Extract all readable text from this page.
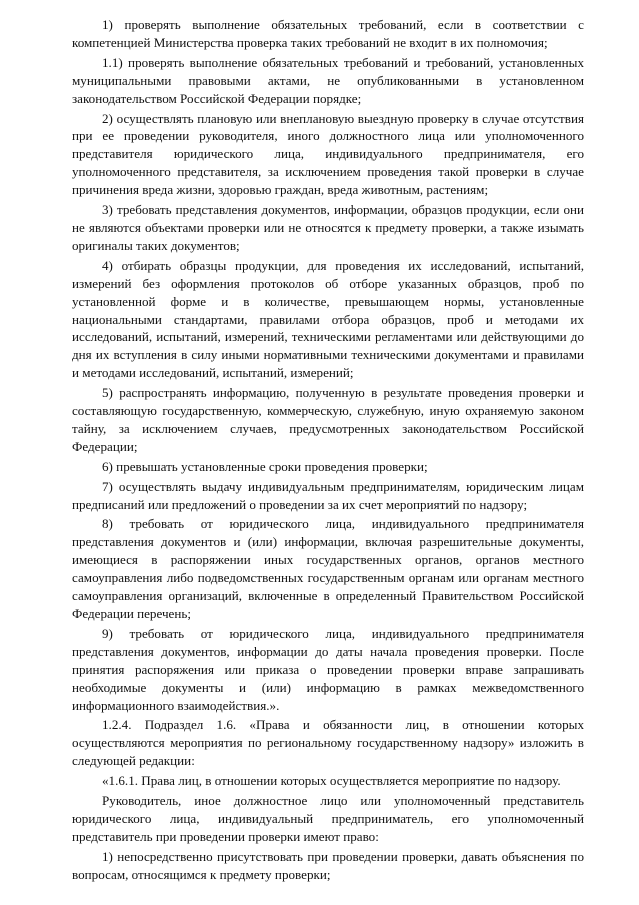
1) проверять выполнение обязательных требований, если в соответствии с компетенцией Министерства проверка таких требований не входит в их полномочия;

1.1) проверять выполнение обязательных требований и требований, установленных муниципальными правовыми актами, не опубликованными в установленном законодательством Российской Федерации порядке;

2) осуществлять плановую или внеплановую выездную проверку в случае отсутствия при ее проведении руководителя, иного должностного лица или уполномоченного представителя юридического лица, индивидуального предпринимателя, его уполномоченного представителя, за исключением проведения такой проверки в случае причинения вреда жизни, здоровью граждан, вреда животным, растениям;

3) требовать представления документов, информации, образцов продукции, если они не являются объектами проверки или не относятся к предмету проверки, а также изымать оригиналы таких документов;

4) отбирать образцы продукции, для проведения их исследований, испытаний, измерений без оформления протоколов об отборе указанных образцов, проб по установленной форме и в количестве, превышающем нормы, установленные национальными стандартами, правилами отбора образцов, проб и методами их исследований, испытаний, измерений, техническими регламентами или действующими до дня их вступления в силу иными нормативными техническими документами и правилами и методами исследований, испытаний, измерений;

5) распространять информацию, полученную в результате проведения проверки и составляющую государственную, коммерческую, служебную, иную охраняемую законом тайну, за исключением случаев, предусмотренных законодательством Российской Федерации;

6) превышать установленные сроки проведения проверки;

7) осуществлять выдачу индивидуальным предпринимателям, юридическим лицам предписаний или предложений о проведении за их счет мероприятий по надзору;

8) требовать от юридического лица, индивидуального предпринимателя представления документов и (или) информации, включая разрешительные документы, имеющиеся в распоряжении иных государственных органов, органов местного самоуправления либо подведомственных государственным органам или органам местного самоуправления организаций, включенные в определенный Правительством Российской Федерации перечень;

9) требовать от юридического лица, индивидуального предпринимателя представления документов, информации до даты начала проведения проверки. После принятия распоряжения или приказа о проведении проверки вправе запрашивать необходимые документы и (или) информацию в рамках межведомственного информационного взаимодействия.».

1.2.4. Подраздел 1.6. «Права и обязанности лиц, в отношении которых осуществляются мероприятия по региональному государственному надзору» изложить в следующей редакции:

«1.6.1. Права лиц, в отношении которых осуществляется мероприятие по надзору.

Руководитель, иное должностное лицо или уполномоченный представитель юридического лица, индивидуальный предприниматель, его уполномоченный представитель при проведении проверки имеют право:

1) непосредственно присутствовать при проведении проверки, давать объяснения по вопросам, относящимся к предмету проверки;
